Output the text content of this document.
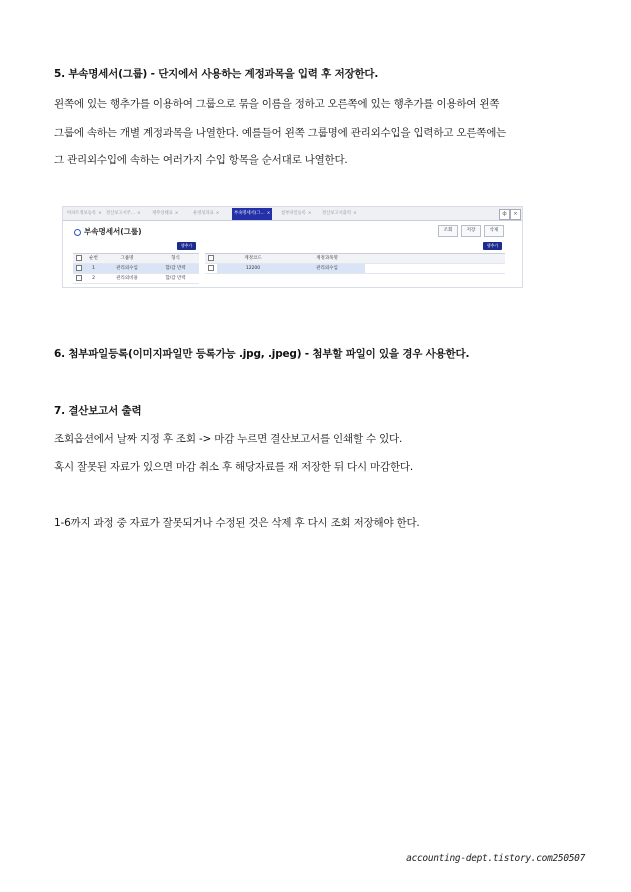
5. 부속명세서(그룹) - 단지에서 사용하는 계정과목을 입력 후 저장한다.
왼쪽에 있는 행추가를 이용하여 그룹으로 묶을 이름을 정하고 오른쪽에 있는 행추가를 이용하여 왼쪽
그룹에 속하는 개별 계정과목을 나열한다. 예를들어 왼쪽 그룹명에 관리외수입을 입력하고 오른쪽에는
그 관리외수입에 속하는 여러가지 수입 항목을 순서대로 나열한다.
아파트정보등록 ×	결산보고서주... ×	재무상태표 ×	운영성과표 ×	부속명세서(그... ×	첨부파일등록 ×	결산보고서출력 ×	ф	×
부속명세서(그룹)	조회	저장	삭제
행추가	행추가
순번	그룹명	형식
1	관리외수입	합/감 만력
2	관리외비용	합/감 만력
계정코드	계정과목명
12200	관리외수입
6. 첨부파일등록(이미지파일만 등록가능 .jpg, .jpeg) - 첨부할 파일이 있을 경우 사용한다.
7. 결산보고서 출력
조회옵션에서 날짜 지정 후 조회 -> 마감 누르면 결산보고서를 인쇄할 수 있다.
혹시 잘못된 자료가 있으면 마감 취소 후 해당자료를 재 저장한 뒤 다시 마감한다.
1-6까지 과정 중 자료가 잘못되거나 수정된 것은 삭제 후 다시 조회 저장해야 한다.
accounting-dept.tistory.com250507
